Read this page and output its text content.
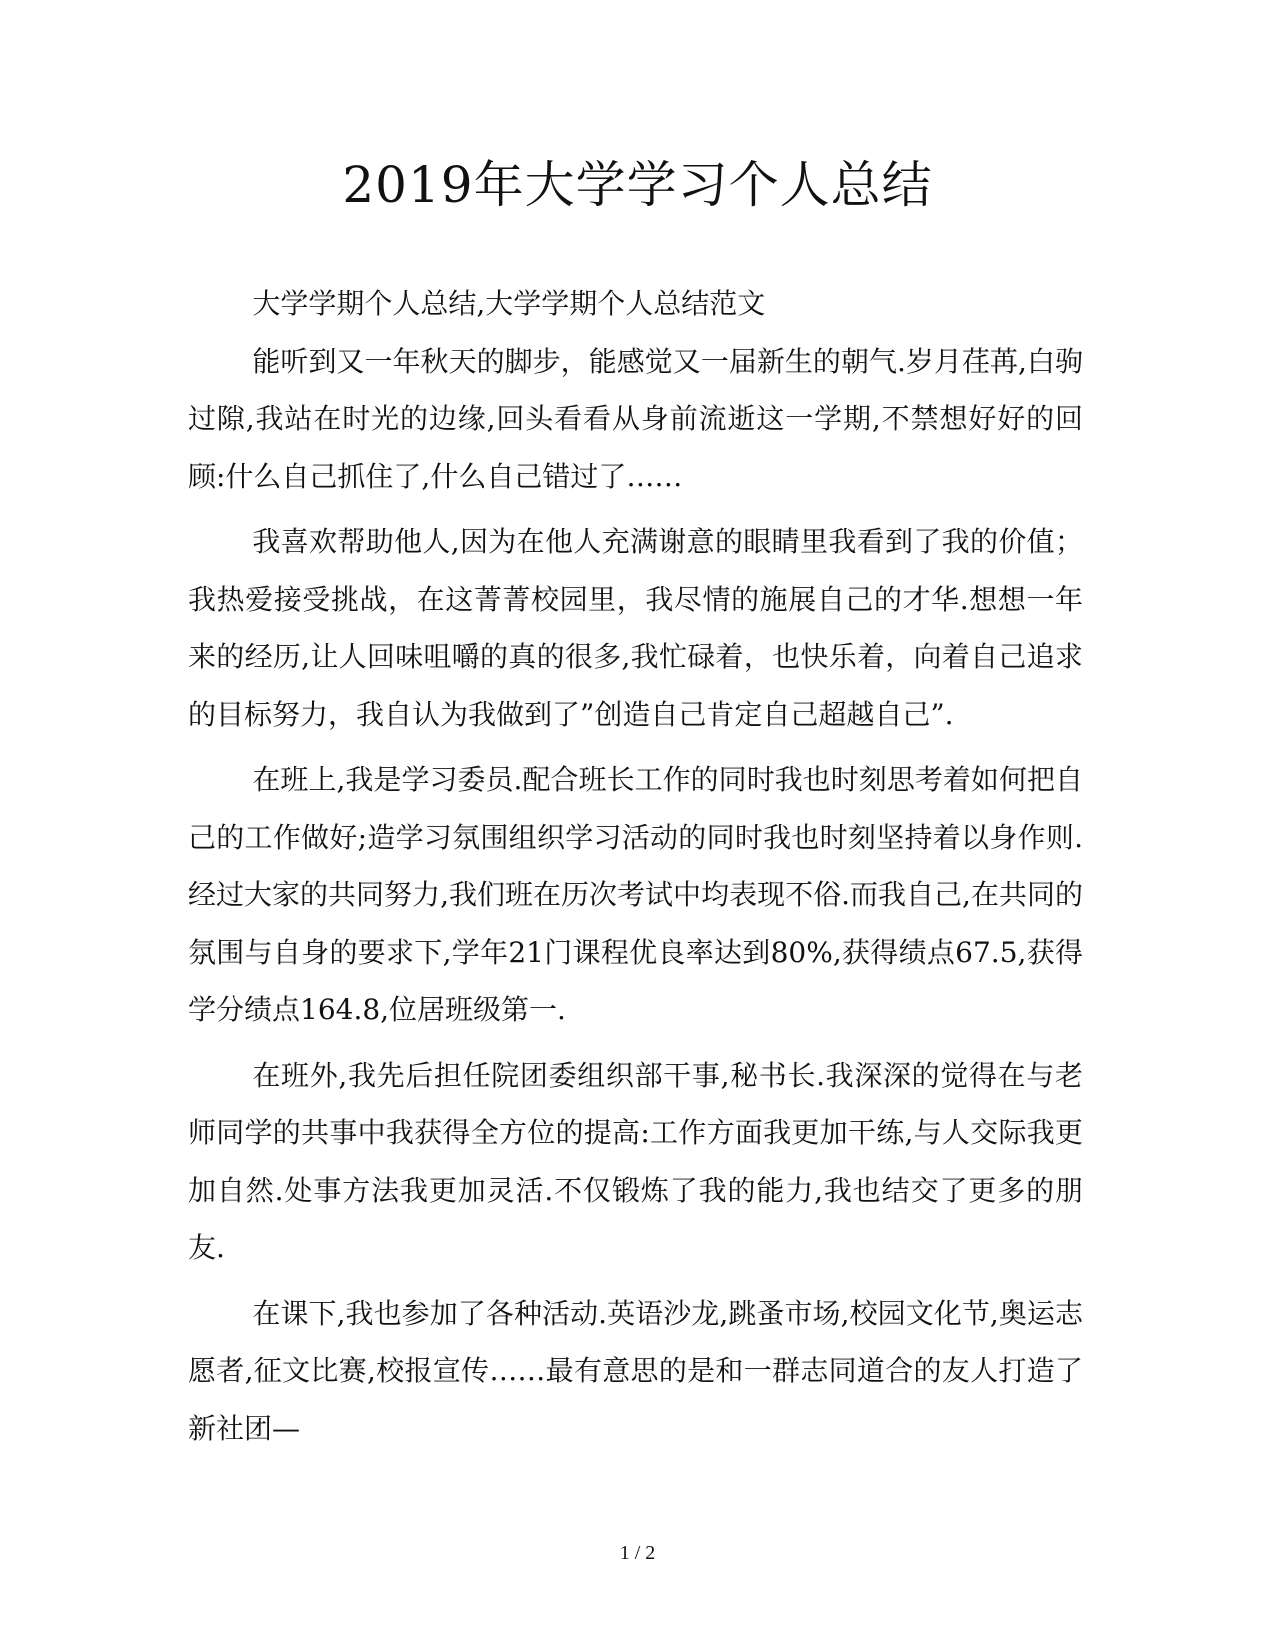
2019年大学学习个人总结

大学学期个人总结,大学学期个人总结范文

能听到又一年秋天的脚步，能感觉又一届新生的朝气.岁月荏苒,白驹过隙,我站在时光的边缘,回头看看从身前流逝这一学期,不禁想好好的回顾:什么自己抓住了,什么自己错过了……

我喜欢帮助他人,因为在他人充满谢意的眼睛里我看到了我的价值；我热爱接受挑战，在这菁菁校园里，我尽情的施展自己的才华.想想一年来的经历,让人回味咀嚼的真的很多,我忙碌着，也快乐着，向着自己追求的目标努力，我自认为我做到了”创造自己肯定自己超越自己”.

在班上,我是学习委员.配合班长工作的同时我也时刻思考着如何把自己的工作做好;造学习氛围组织学习活动的同时我也时刻坚持着以身作则.经过大家的共同努力,我们班在历次考试中均表现不俗.而我自己,在共同的氛围与自身的要求下,学年21门课程优良率达到80%,获得绩点67.5,获得学分绩点164.8,位居班级第一.

在班外,我先后担任院团委组织部干事,秘书长.我深深的觉得在与老师同学的共事中我获得全方位的提高:工作方面我更加干练,与人交际我更加自然.处事方法我更加灵活.不仅锻炼了我的能力,我也结交了更多的朋友.

在课下,我也参加了各种活动.英语沙龙,跳蚤市场,校园文化节,奥运志愿者,征文比赛,校报宣传……最有意思的是和一群志同道合的友人打造了新社团—

1 / 2
